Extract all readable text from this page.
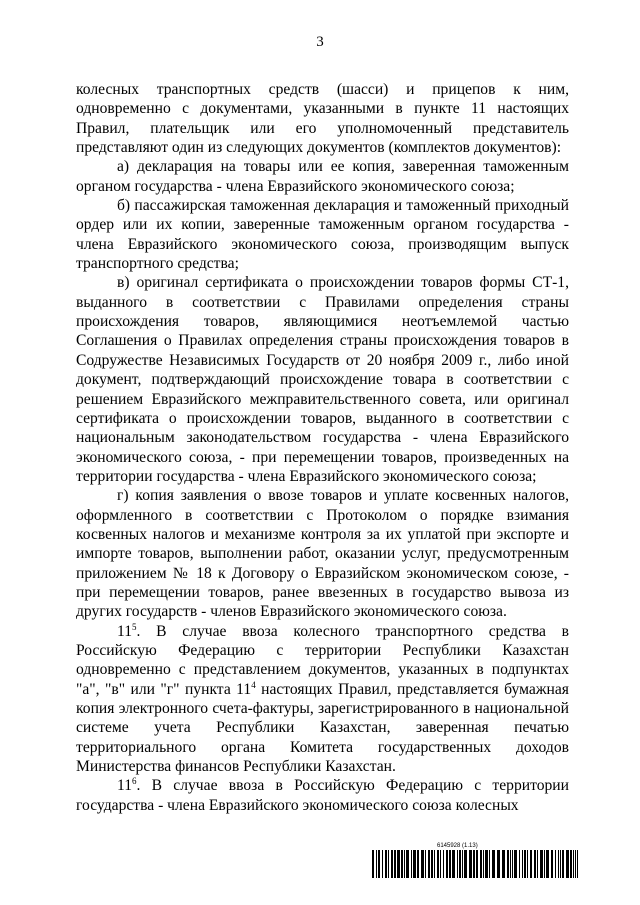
3

колесных транспортных средств (шасси) и прицепов к ним, одновременно с документами, указанными в пункте 11 настоящих Правил, плательщик или его уполномоченный представитель представляют один из следующих документов (комплектов документов):

а) декларация на товары или ее копия, заверенная таможенным органом государства - члена Евразийского экономического союза;

б) пассажирская таможенная декларация и таможенный приходный ордер или их копии, заверенные таможенным органом государства - члена Евразийского экономического союза, производящим выпуск транспортного средства;

в) оригинал сертификата о происхождении товаров формы СТ-1, выданного в соответствии с Правилами определения страны происхождения товаров, являющимися неотъемлемой частью Соглашения о Правилах определения страны происхождения товаров в Содружестве Независимых Государств от 20 ноября 2009 г., либо иной документ, подтверждающий происхождение товара в соответствии с решением Евразийского межправительственного совета, или оригинал сертификата о происхождении товаров, выданного в соответствии с национальным законодательством государства - члена Евразийского экономического союза, - при перемещении товаров, произведенных на территории государства - члена Евразийского экономического союза;

г) копия заявления о ввозе товаров и уплате косвенных налогов, оформленного в соответствии с Протоколом о порядке взимания косвенных налогов и механизме контроля за их уплатой при экспорте и импорте товаров, выполнении работ, оказании услуг, предусмотренным приложением № 18 к Договору о Евразийском экономическом союзе, - при перемещении товаров, ранее ввезенных в государство вывоза из других государств - членов Евразийского экономического союза.

$11^5$. В случае ввоза колесного транспортного средства в Российскую Федерацию с территории Республики Казахстан одновременно с представлением документов, указанных в подпунктах "а", "в" или "г" пункта $11^4$ настоящих Правил, представляется бумажная копия электронного счета-фактуры, зарегистрированного в национальной системе учета Республики Казахстан, заверенная печатью территориального органа Комитета государственных доходов Министерства финансов Республики Казахстан.

$11^6$. В случае ввоза в Российскую Федерацию с территории государства - члена Евразийского экономического союза колесных

6145928 (1.13)
